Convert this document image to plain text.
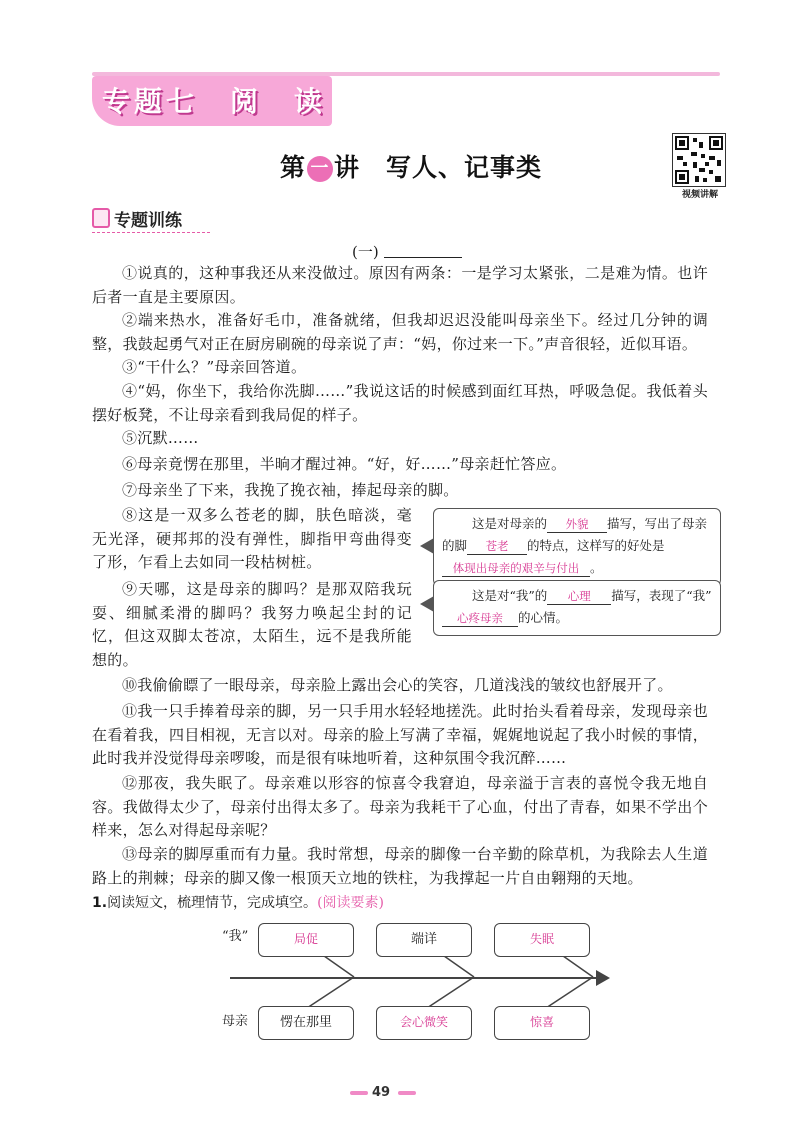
专题七　阅　读
第 一 讲　写人、记事类
视频讲解
专题训练
(一)
①说真的，这种事我还从来没做过。原因有两条：一是学习太紧张，二是难为情。也许后者一直是主要原因。
②端来热水，准备好毛巾，准备就绪，但我却迟迟没能叫母亲坐下。经过几分钟的调整，我鼓起勇气对正在厨房刷碗的母亲说了声：“妈，你过来一下。”声音很轻，近似耳语。
③“干什么？”母亲回答道。
④“妈，你坐下，我给你洗脚……”我说这话的时候感到面红耳热，呼吸急促。我低着头摆好板凳，不让母亲看到我局促的样子。
⑤沉默……
⑥母亲竟愣在那里，半晌才醒过神。“好，好……”母亲赶忙答应。
⑦母亲坐了下来，我挽了挽衣袖，捧起母亲的脚。
⑧这是一双多么苍老的脚，肤色暗淡，毫无光泽，硬邦邦的没有弹性，脚指甲弯曲得变了形，乍看上去如同一段枯树桩。
⑨天哪，这是母亲的脚吗？是那双陪我玩耍、细腻柔滑的脚吗？我努力唤起尘封的记忆，但这双脚太苍凉，太陌生，远不是我所能想的。
⑩我偷偷瞟了一眼母亲，母亲脸上露出会心的笑容，几道浅浅的皱纹也舒展开了。
⑪我一只手捧着母亲的脚，另一只手用水轻轻地搓洗。此时抬头看着母亲，发现母亲也在看着我，四目相视，无言以对。母亲的脸上写满了幸福，娓娓地说起了我小时候的事情，此时我并没觉得母亲啰唆，而是很有味地听着，这种氛围令我沉醉……
⑫那夜，我失眠了。母亲难以形容的惊喜令我窘迫，母亲溢于言表的喜悦令我无地自容。我做得太少了，母亲付出得太多了。母亲为我耗干了心血，付出了青春，如果不学出个样来，怎么对得起母亲呢？
⑬母亲的脚厚重而有力量。我时常想，母亲的脚像一台辛勤的除草机，为我除去人生道路上的荆棘；母亲的脚又像一根顶天立地的铁柱，为我撑起一片自由翱翔的天地。
这是对母亲的 外貌 描写，写出了母亲的脚 苍老 的特点，这样写的好处是体现出母亲的艰辛与付出 。
这是对“我”的 心理 描写，表现了“我”心疼母亲 的心情。
1.阅读短文，梳理情节，完成填空。(阅读要素)
“我”
母亲
局促	端详	失眠
愣在那里	会心微笑	惊喜
49
